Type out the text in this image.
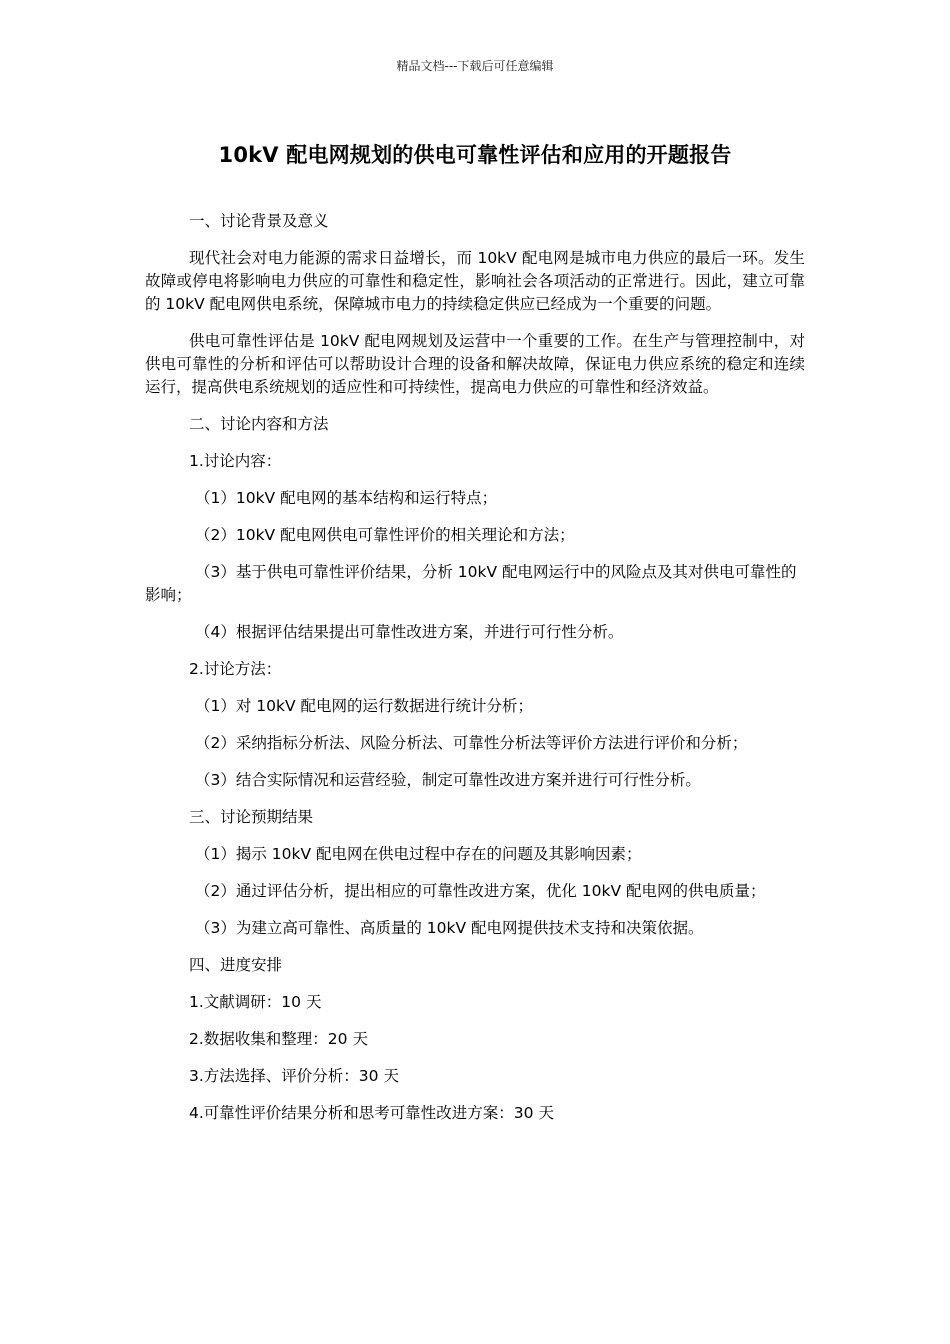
精品文档---下载后可任意编辑
10kV 配电网规划的供电可靠性评估和应用的开题报告

一、讨论背景及意义

现代社会对电力能源的需求日益增长，而 10kV 配电网是城市电力供应的最后一环。发生故障或停电将影响电力供应的可靠性和稳定性，影响社会各项活动的正常进行。因此，建立可靠的 10kV 配电网供电系统，保障城市电力的持续稳定供应已经成为一个重要的问题。

供电可靠性评估是 10kV 配电网规划及运营中一个重要的工作。在生产与管理控制中，对供电可靠性的分析和评估可以帮助设计合理的设备和解决故障，保证电力供应系统的稳定和连续运行，提高供电系统规划的适应性和可持续性，提高电力供应的可靠性和经济效益。

二、讨论内容和方法

1.讨论内容：

（1）10kV 配电网的基本结构和运行特点；

（2）10kV 配电网供电可靠性评价的相关理论和方法；

（3）基于供电可靠性评价结果，分析 10kV 配电网运行中的风险点及其对供电可靠性的影响；

（4）根据评估结果提出可靠性改进方案，并进行可行性分析。

2.讨论方法：

（1）对 10kV 配电网的运行数据进行统计分析；

（2）采纳指标分析法、风险分析法、可靠性分析法等评价方法进行评价和分析；

（3）结合实际情况和运营经验，制定可靠性改进方案并进行可行性分析。

三、讨论预期结果

（1）揭示 10kV 配电网在供电过程中存在的问题及其影响因素；

（2）通过评估分析，提出相应的可靠性改进方案，优化 10kV 配电网的供电质量；

（3）为建立高可靠性、高质量的 10kV 配电网提供技术支持和决策依据。

四、进度安排

1.文献调研：10 天

2.数据收集和整理：20 天

3.方法选择、评价分析：30 天

4.可靠性评价结果分析和思考可靠性改进方案：30 天
